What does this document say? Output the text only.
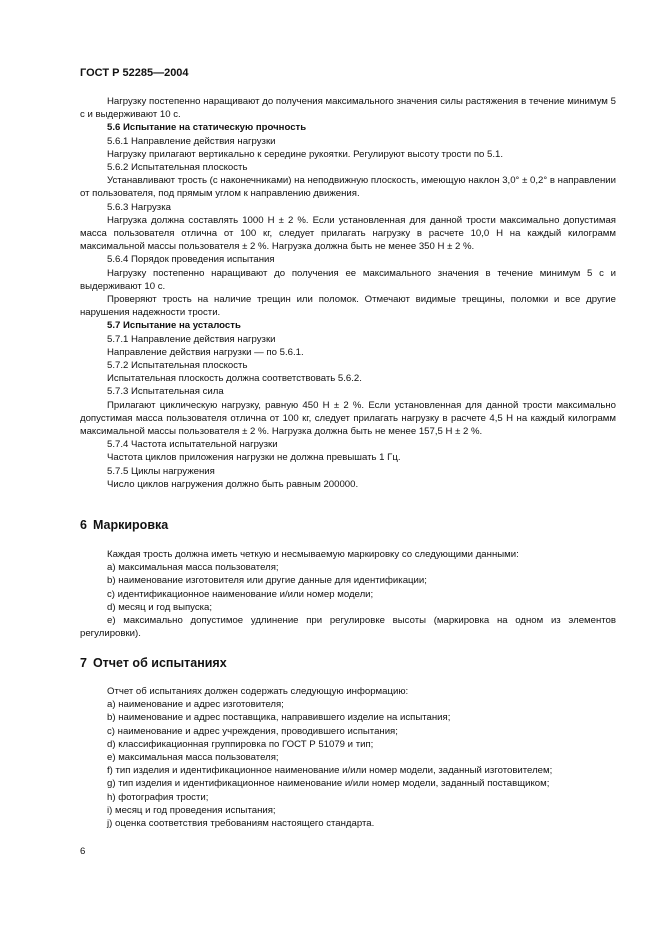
ГОСТ Р 52285—2004

Нагрузку постепенно наращивают до получения максимального значения силы растяжения в течение минимум 5 с и выдерживают 10 с.

5.6 Испытание на статическую прочность

5.6.1 Направление действия нагрузки

Нагрузку прилагают вертикально к середине рукоятки. Регулируют высоту трости по 5.1.

5.6.2 Испытательная плоскость

Устанавливают трость (с наконечниками) на неподвижную плоскость, имеющую наклон 3,0° ± 0,2° в направлении от пользователя, под прямым углом к направлению движения.

5.6.3 Нагрузка

Нагрузка должна составлять 1000 Н ± 2 %. Если установленная для данной трости максимально допустимая масса пользователя отлична от 100 кг, следует прилагать нагрузку в расчете 10,0 Н на каждый килограмм максимальной массы пользователя ± 2 %. Нагрузка должна быть не менее 350 Н ± 2 %.

5.6.4 Порядок проведения испытания

Нагрузку постепенно наращивают до получения ее максимального значения в течение минимум 5 с и выдерживают 10 с.

Проверяют трость на наличие трещин или поломок. Отмечают видимые трещины, поломки и все другие нарушения надежности трости.

5.7 Испытание на усталость

5.7.1 Направление действия нагрузки

Направление действия нагрузки — по 5.6.1.

5.7.2 Испытательная плоскость

Испытательная плоскость должна соответствовать 5.6.2.

5.7.3 Испытательная сила

Прилагают циклическую нагрузку, равную 450 Н ± 2 %. Если установленная для данной трости максимально допустимая масса пользователя отлична от 100 кг, следует прилагать нагрузку в расчете 4,5 Н на каждый килограмм максимальной массы пользователя ± 2 %. Нагрузка должна быть не менее 157,5 Н ± 2 %.

5.7.4 Частота испытательной нагрузки

Частота циклов приложения нагрузки не должна превышать 1 Гц.

5.7.5 Циклы нагружения

Число циклов нагружения должно быть равным 200000.

6 Маркировка

Каждая трость должна иметь четкую и несмываемую маркировку со следующими данными:

a) максимальная масса пользователя;

b) наименование изготовителя или другие данные для идентификации;

c) идентификационное наименование и/или номер модели;

d) месяц и год выпуска;

e) максимально допустимое удлинение при регулировке высоты (маркировка на одном из элементов регулировки).

7 Отчет об испытаниях

Отчет об испытаниях должен содержать следующую информацию:

a) наименование и адрес изготовителя;

b) наименование и адрес поставщика, направившего изделие на испытания;

c) наименование и адрес учреждения, проводившего испытания;

d) классификационная группировка по ГОСТ Р 51079 и тип;

e) максимальная масса пользователя;

f) тип изделия и идентификационное наименование и/или номер модели, заданный изготовителем;

g) тип изделия и идентификационное наименование и/или номер модели, заданный поставщиком;

h) фотография трости;

i) месяц и год проведения испытания;

j) оценка соответствия требованиям настоящего стандарта.

6
